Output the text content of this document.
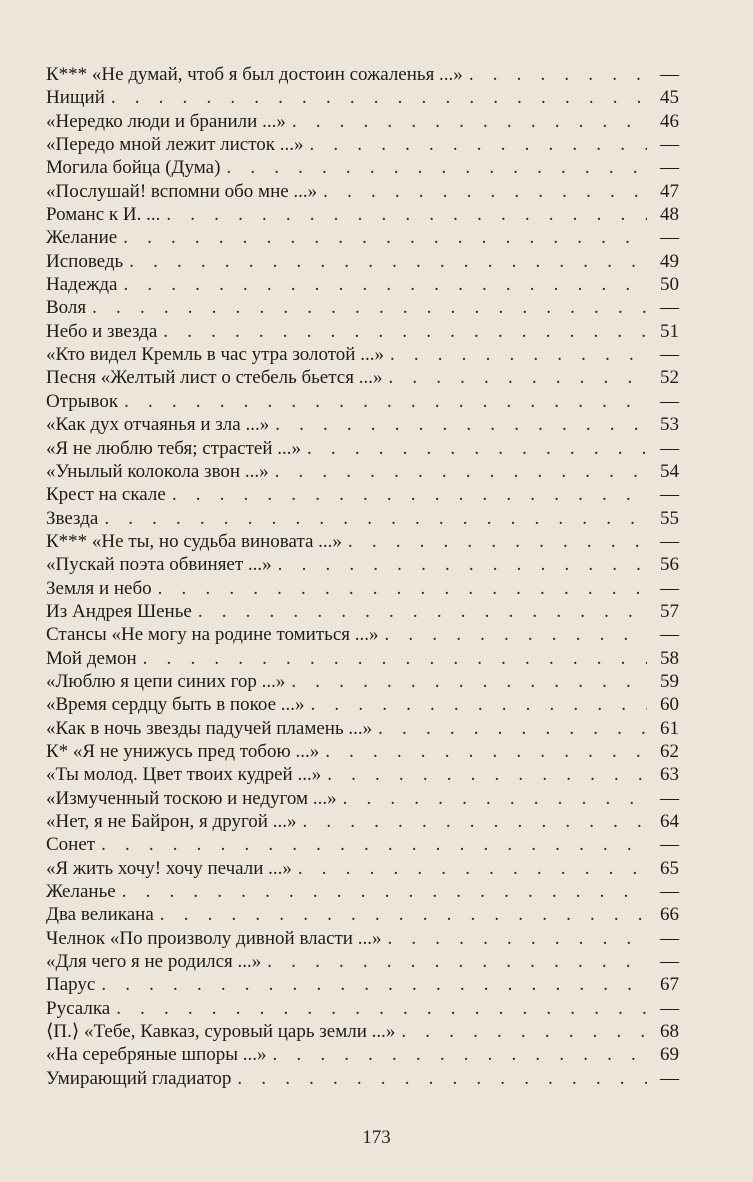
К*** «Не думай, чтоб я был достоин сожаленья ...» . . .	—
Нищий . . .	45
«Нередко люди и бранили ...» . . .	46
«Передо мной лежит листок ...» . . .	—
Могила бойца (Дума) . . .	—
«Послушай! вспомни обо мне ...» . . .	47
Романс к И. ... . . .	48
Желание . . .	—
Исповедь . . .	49
Надежда . . .	50
Воля . . .	—
Небо и звезда . . .	51
«Кто видел Кремль в час утра золотой ...» . . .	—
Песня «Желтый лист о стебель бьется ...» . . .	52
Отрывок . . .	—
«Как дух отчаянья и зла ...» . . .	53
«Я не люблю тебя; страстей ...» . . .	—
«Унылый колокола звон ...» . . .	54
Крест на скале . . .	—
Звезда . . .	55
К*** «Не ты, но судьба виновата ...» . . .	—
«Пускай поэта обвиняет ...» . . .	56
Земля и небо . . .	—
Из Андрея Шенье . . .	57
Стансы «Не могу на родине томиться ...» . . .	—
Мой демон . . .	58
«Люблю я цепи синих гор ...» . . .	59
«Время сердцу быть в покое ...» . . .	60
«Как в ночь звезды падучей пламень ...» . . .	61
К* «Я не унижусь пред тобою ...» . . .	62
«Ты молод. Цвет твоих кудрей ...» . . .	63
«Измученный тоскою и недугом ...» . . .	—
«Нет, я не Байрон, я другой ...» . . .	64
Сонет . . .	—
«Я жить хочу! хочу печали ...» . . .	65
Желанье . . .	—
Два великана . . .	66
Челнок «По произволу дивной власти ...» . . .	—
«Для чего я не родился ...» . . .	—
Парус . . .	67
Русалка . . .	—
⟨П.⟩ «Тебе, Кавказ, суровый царь земли ...» . . .	68
«На серебряные шпоры ...» . . .	69
Умирающий гладиатор . . .	—
173
